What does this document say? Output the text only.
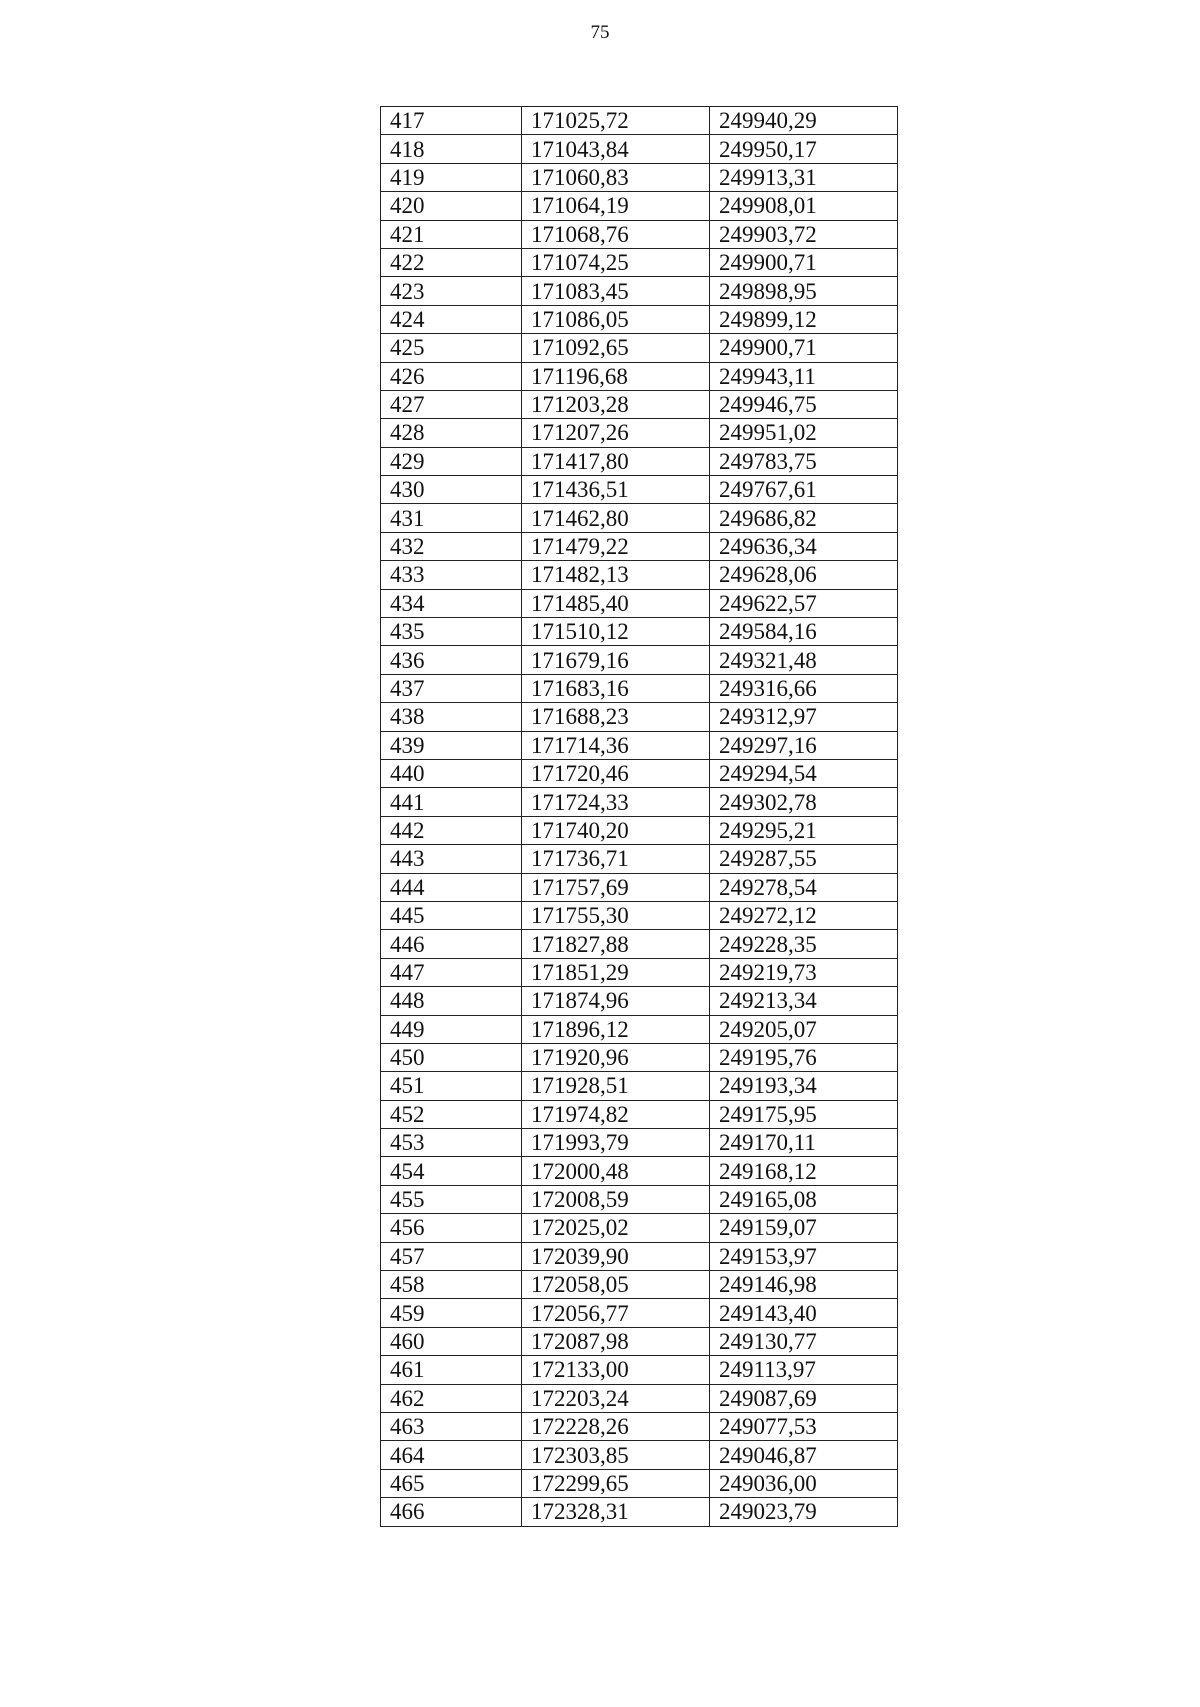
75
417	171025,72	249940,29
418	171043,84	249950,17
419	171060,83	249913,31
420	171064,19	249908,01
421	171068,76	249903,72
422	171074,25	249900,71
423	171083,45	249898,95
424	171086,05	249899,12
425	171092,65	249900,71
426	171196,68	249943,11
427	171203,28	249946,75
428	171207,26	249951,02
429	171417,80	249783,75
430	171436,51	249767,61
431	171462,80	249686,82
432	171479,22	249636,34
433	171482,13	249628,06
434	171485,40	249622,57
435	171510,12	249584,16
436	171679,16	249321,48
437	171683,16	249316,66
438	171688,23	249312,97
439	171714,36	249297,16
440	171720,46	249294,54
441	171724,33	249302,78
442	171740,20	249295,21
443	171736,71	249287,55
444	171757,69	249278,54
445	171755,30	249272,12
446	171827,88	249228,35
447	171851,29	249219,73
448	171874,96	249213,34
449	171896,12	249205,07
450	171920,96	249195,76
451	171928,51	249193,34
452	171974,82	249175,95
453	171993,79	249170,11
454	172000,48	249168,12
455	172008,59	249165,08
456	172025,02	249159,07
457	172039,90	249153,97
458	172058,05	249146,98
459	172056,77	249143,40
460	172087,98	249130,77
461	172133,00	249113,97
462	172203,24	249087,69
463	172228,26	249077,53
464	172303,85	249046,87
465	172299,65	249036,00
466	172328,31	249023,79
